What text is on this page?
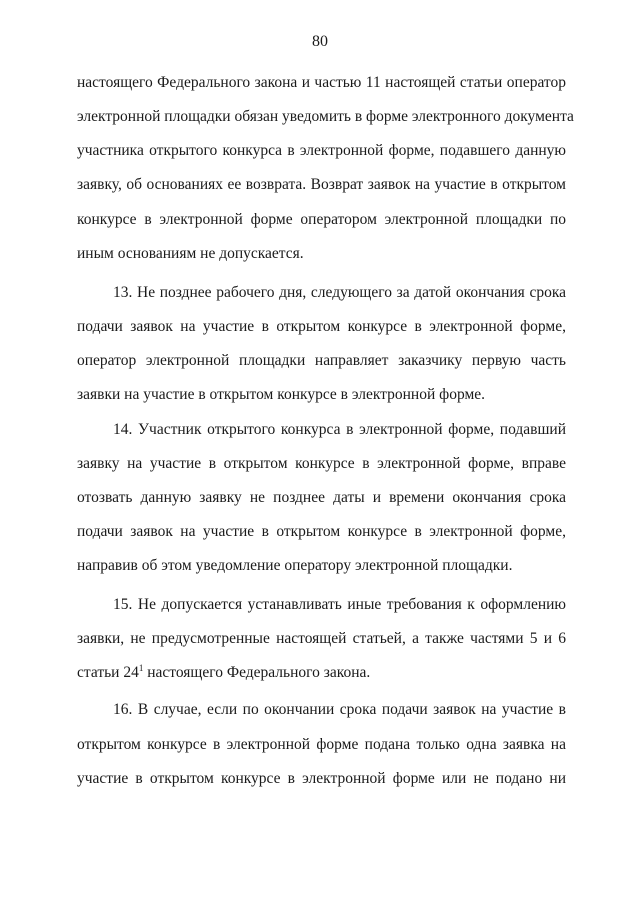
80
настоящего Федерального закона и частью 11 настоящей статьи оператор
электронной площадки обязан уведомить в форме электронного документа
участника открытого конкурса в электронной форме, подавшего данную
заявку, об основаниях ее возврата. Возврат заявок на участие в открытом
конкурсе в электронной форме оператором электронной площадки по
иным основаниям не допускается.
13. Не позднее рабочего дня, следующего за датой окончания срока
подачи заявок на участие в открытом конкурсе в электронной форме,
оператор электронной площадки направляет заказчику первую часть
заявки на участие в открытом конкурсе в электронной форме.
14. Участник открытого конкурса в электронной форме, подавший
заявку на участие в открытом конкурсе в электронной форме, вправе
отозвать данную заявку не позднее даты и времени окончания срока
подачи заявок на участие в открытом конкурсе в электронной форме,
направив об этом уведомление оператору электронной площадки.
15. Не допускается устанавливать иные требования к оформлению
заявки, не предусмотренные настоящей статьей, а также частями 5 и 6
статьи $24^1$ настоящего Федерального закона.
16. В случае, если по окончании срока подачи заявок на участие в
открытом конкурсе в электронной форме подана только одна заявка на
участие в открытом конкурсе в электронной форме или не подано ни
